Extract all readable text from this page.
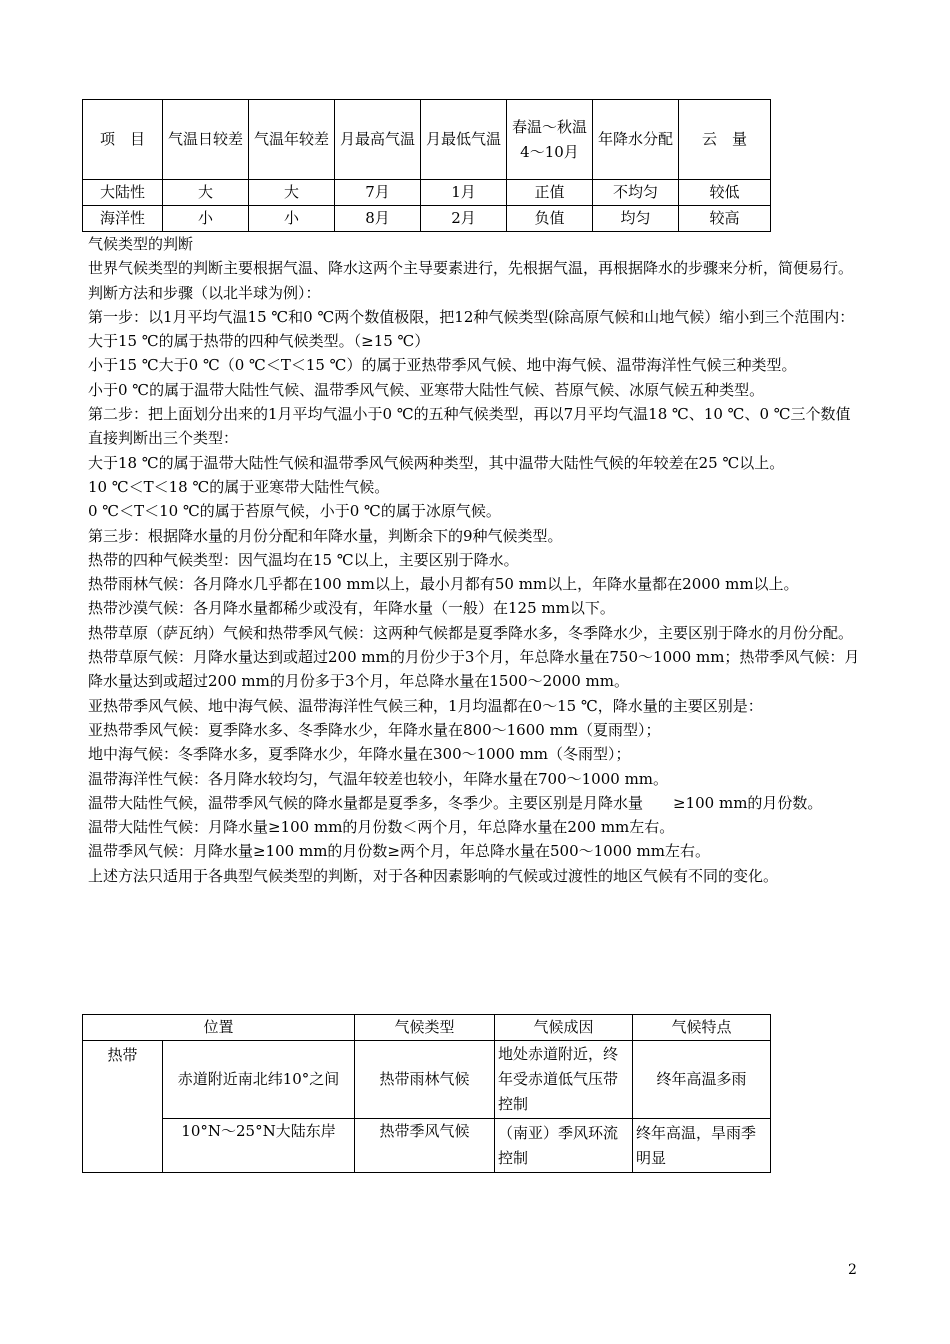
项　目	气温日较差	气温年较差	月最高气温	月最低气温	春温～秋温4～10月	年降水分配	云　量
大陆性	大	大	7月	1月	正值	不均匀	较低
海洋性	小	小	8月	2月	负值	均匀	较高

气候类型的判断

世界气候类型的判断主要根据气温、降水这两个主导要素进行，先根据气温，再根据降水的步骤来分析，简便易行。

判断方法和步骤（以北半球为例）：

第一步：以1月平均气温15 ℃和0 ℃两个数值极限，把12种气候类型(除高原气候和山地气候）缩小到三个范围内：

大于15 ℃的属于热带的四种气候类型。（≥15 ℃）

小于15 ℃大于0 ℃（0 ℃＜T＜15 ℃）的属于亚热带季风气候、地中海气候、温带海洋性气候三种类型。

小于0 ℃的属于温带大陆性气候、温带季风气候、亚寒带大陆性气候、苔原气候、冰原气候五种类型。

第二步：把上面划分出来的1月平均气温小于0 ℃的五种气候类型，再以7月平均气温18 ℃、10 ℃、0 ℃三个数值直接判断出三个类型：

大于18 ℃的属于温带大陆性气候和温带季风气候两种类型，其中温带大陆性气候的年较差在25 ℃以上。

10 ℃＜T＜18 ℃的属于亚寒带大陆性气候。

0 ℃＜T＜10 ℃的属于苔原气候，小于0 ℃的属于冰原气候。

第三步：根据降水量的月份分配和年降水量，判断余下的9种气候类型。

热带的四种气候类型：因气温均在15 ℃以上，主要区别于降水。

热带雨林气候：各月降水几乎都在100 mm以上，最小月都有50 mm以上，年降水量都在2000 mm以上。

热带沙漠气候：各月降水量都稀少或没有，年降水量（一般）在125 mm以下。

热带草原（萨瓦纳）气候和热带季风气候：这两种气候都是夏季降水多，冬季降水少，主要区别于降水的月份分配。热带草原气候：月降水量达到或超过200 mm的月份少于3个月，年总降水量在750～1000 mm；热带季风气候：月降水量达到或超过200 mm的月份多于3个月，年总降水量在1500～2000 mm。

亚热带季风气候、地中海气候、温带海洋性气候三种，1月均温都在0～15 ℃，降水量的主要区别是：

亚热带季风气候：夏季降水多、冬季降水少，年降水量在800～1600 mm（夏雨型）；

地中海气候：冬季降水多，夏季降水少，年降水量在300～1000 mm（冬雨型）；

温带海洋性气候：各月降水较均匀，气温年较差也较小，年降水量在700～1000 mm。

温带大陆性气候，温带季风气候的降水量都是夏季多，冬季少。主要区别是月降水量　　≥100 mm的月份数。

温带大陆性气候：月降水量≥100 mm的月份数＜两个月，年总降水量在200 mm左右。

温带季风气候：月降水量≥100 mm的月份数≥两个月，年总降水量在500～1000 mm左右。

上述方法只适用于各典型气候类型的判断，对于各种因素影响的气候或过渡性的地区气候有不同的变化。

位置		气候类型	气候成因	气候特点
热带	赤道附近南北纬10°之间	热带雨林气候	地处赤道附近，终年受赤道低气压带控制	终年高温多雨
	10°N～25°N大陆东岸	热带季风气候	（南亚）季风环流控制	终年高温，旱雨季明显
2
